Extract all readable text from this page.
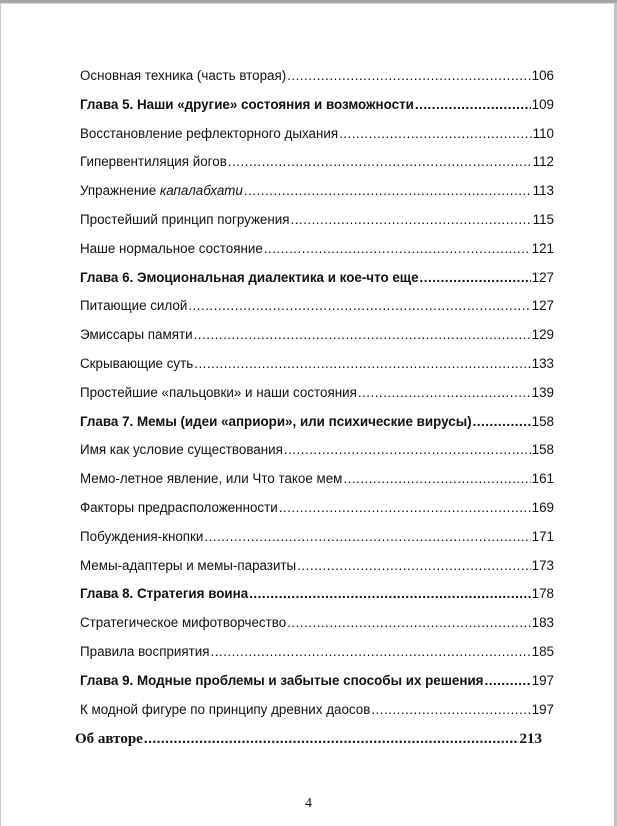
Основная техника (часть вторая) .....	106
Глава 5. Наши «другие» состояния и возможности .....	109
Восстановление рефлекторного дыхания .....	110
Гипервентиляция йогов .....	112
Упражнение капалабхати .....	113
Простейший принцип погружения .....	115
Наше нормальное состояние .....	121
Глава 6. Эмоциональная диалектика и кое-что еще .....	127
Питающие силой .....	127
Эмиссары памяти .....	129
Скрывающие суть .....	133
Простейшие «пальцовки» и наши состояния .....	139
Глава 7. Мемы (идеи «априори», или психические вирусы) .....	158
Имя как условие существования .....	158
Мемо-летное явление, или Что такое мем .....	161
Факторы предрасположенности .....	169
Побуждения-кнопки .....	171
Мемы-адаптеры и мемы-паразиты .....	173
Глава 8. Стратегия воина .....	178
Стратегическое мифотворчество .....	183
Правила восприятия .....	185
Глава 9. Модные проблемы и забытые способы их решения .....	197
К модной фигуре по принципу древних даосов .....	197
Об авторе .....	213
4
